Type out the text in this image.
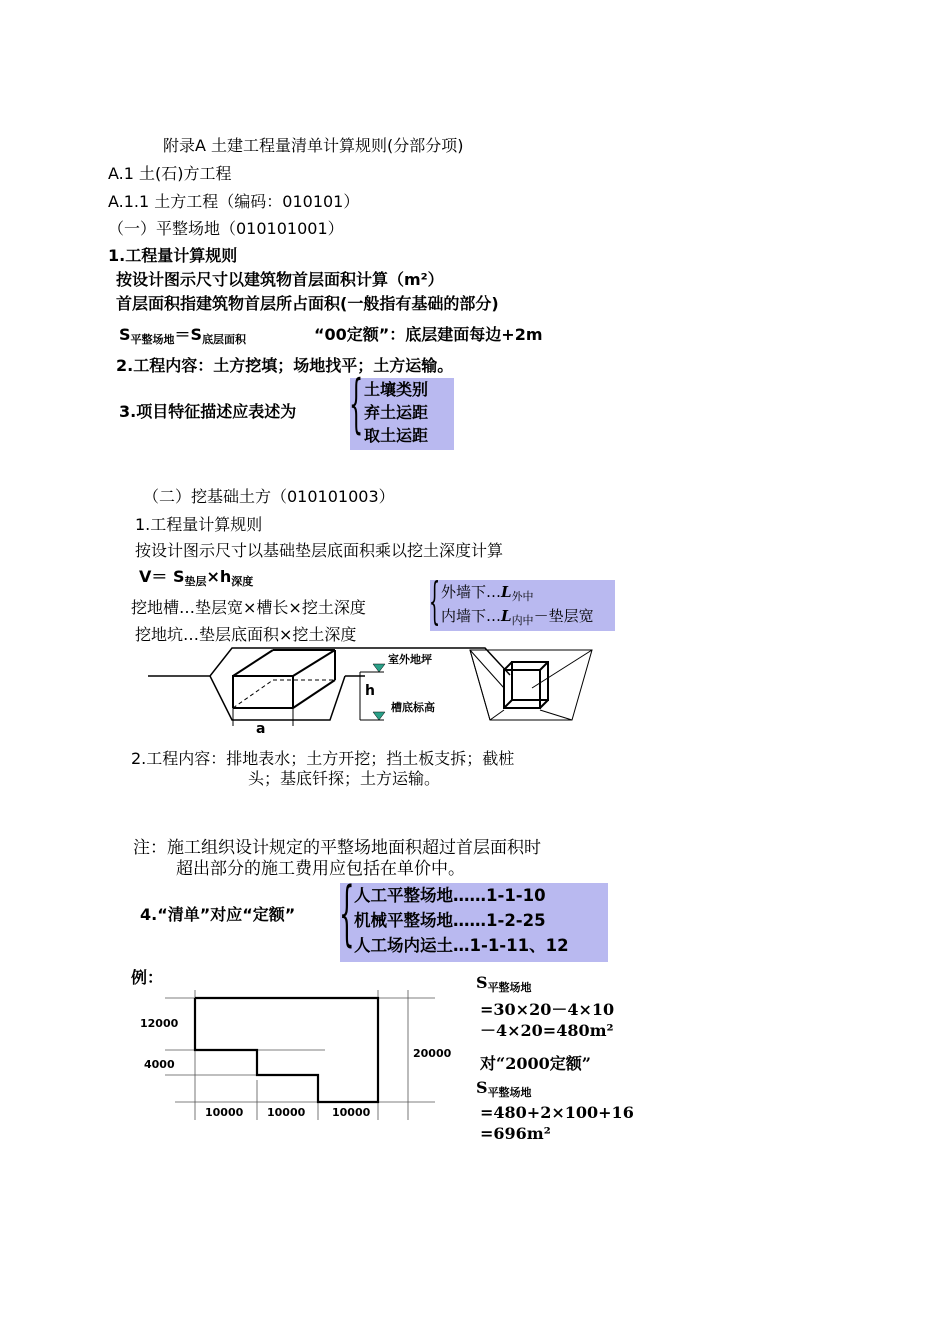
附录A 土建工程量清单计算规则(分部分项)
A.1 土(石)方工程
A.1.1 土方工程（编码：010101）
（一）平整场地（010101001）
1.工程量计算规则
按设计图示尺寸以建筑物首层面积计算（m²）
首层面积指建筑物首层所占面积(一般指有基础的部分)
$S_{平整场地}=S_{底层面积}$	“00定额”：底层建面每边+2m
2.工程内容：土方挖填；场地找平；土方运输。
3.项目特征描述应表述为 { 土壤类别
弃土运距
取土运距
（二）挖基础土方（010101003）
1.工程量计算规则
按设计图示尺寸以基础垫层底面积乘以挖土深度计算
$V= S_{垫层}\times h_{深度}$
挖地槽…垫层宽×槽长×挖土深度 { 外墙下$\dots L_{外中}$
内墙下$\dots L_{内中}-$垫层宽
挖地坑…垫层底面积×挖土深度
室外地坪
h
槽底标高
a
2.工程内容：排地表水；土方开挖；挡土板支拆；截桩
头；基底钎探；土方运输。
注：施工组织设计规定的平整场地面积超过首层面积时
超出部分的施工费用应包括在单价中。
4.“清单”对应“定额” { 人工平整场地……1-1-10
机械平整场地……1-2-25
人工场内运土…1-1-11、12
例：
12000
4000
20000
10000 10000 10000
$S_{平整场地}$
=30×20－4×10
－4×20=480m²
对“2000定额”
$S_{平整场地}$
=480+2×100+16
=696m²
